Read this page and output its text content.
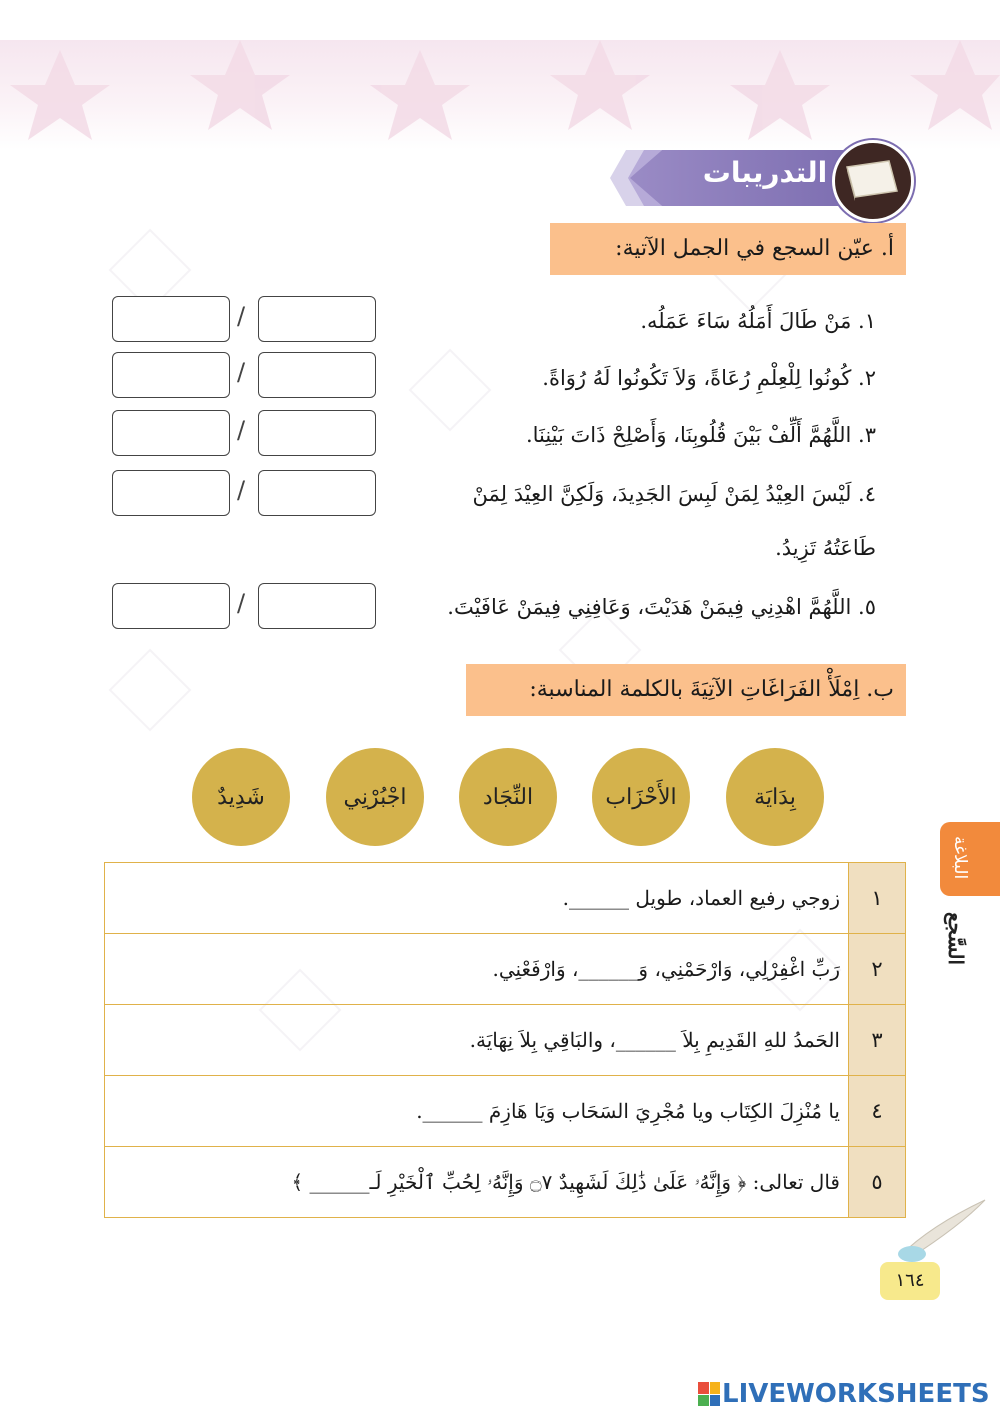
التدريبات
أ. عيّن السجع في الجمل الآتية:
١. مَنْ طَالَ أَمَلُهُ سَاءَ عَمَلُه.
٢. كُونُوا لِلْعِلْمِ رُعَاةً، وَلاَ تَكُونُوا لَهُ رُوَاةً.
٣. اللَّهُمَّ أَلِّفْ بَيْنَ قُلُوبِنَا، وَأَصْلِحْ ذَاتَ بَيْنِنَا.
٤. لَيْسَ العِيْدُ لِمَنْ لَبِسَ الجَدِيدَ، وَلَكِنَّ العِيْدَ لِمَنْ
طَاعَتُهُ تَزِيدُ.
٥. اللَّهُمَّ اهْدِنِي فِيمَنْ هَدَيْتَ، وَعَافِنِي فِيمَنْ عَافَيْتَ.
/
/
/
/
/
ب. اِمْلَأْ الفَرَاغَاتِ الآتِيَةَ بالكلمة المناسبة:
بِدَايَة
الأَحْزَاب
النِّجَاد
اجْبُرْنِي
شَدِيدٌ
زوجي رفيع العماد، طويل ______.	١
رَبِّ اغْفِرْلِي، وَارْحَمْنِي، وَ______، وَارْفَعْنِي.	٢
الحَمدُ للهِ القَدِيمِ بِلاَ ______، والبَاقِي بِلاَ نِهَايَة.	٣
يا مُنْزِلَ الكِتَاب ويا مُجْرِيَ السَحَاب وَيَا هَازِمَ ______.	٤
قال تعالى: ﴿ وَإِنَّهُۥ عَلَىٰ ذَٰلِكَ لَشَهِيدٌ ۝٧ وَإِنَّهُۥ لِحُبِّ ٱلْخَيْرِ لَـ______ ﴾	٥
البلاغة
السَّجع
١٦٤
LIVEWORKSHEETS
